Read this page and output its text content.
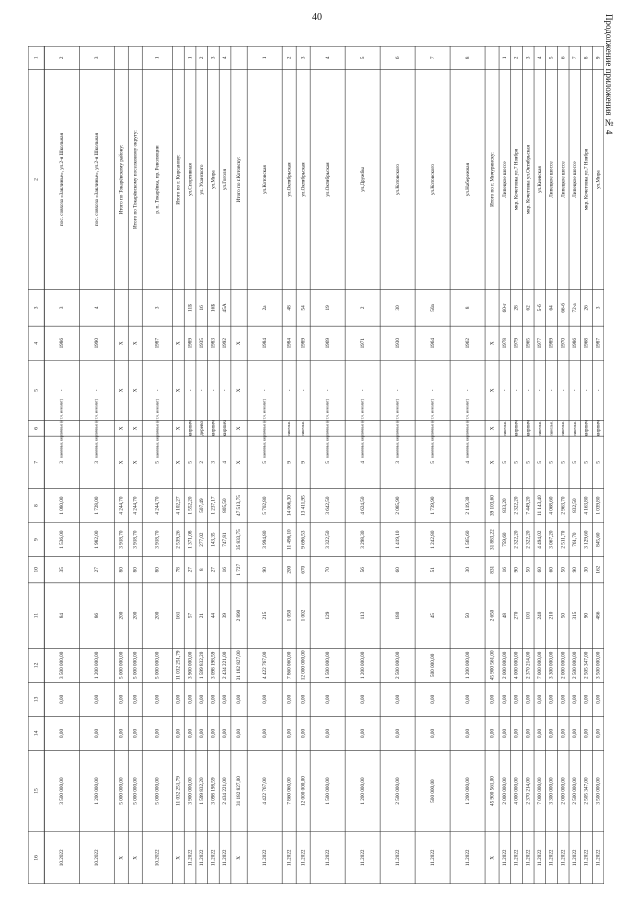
40	Продолжение приложения № 4
1
2
3
4
5
6
7
8
9
10
11
12
13
14
15
16
2
пос. совхоза «Заклинье», ул.2-я Школьная
3
1986
-
каменные, кирпичные (в т.ч. монолит)
3
1 080,00
1 536,00
35
84
3 500 000,00
0,00
0,00
3 500 000,00
10.2022
3
пос. совхоза «Заклинье», ул.2-я Школьная
4
1990
-
каменные, кирпичные (в т.ч. монолит)
3
1 728,00
1 982,00
27
86
1 200 000,00
0,00
0,00
1 200 000,00
10.2022
Итого по Токарёвскому району:
X
X
X
X
4 244,70
3 918,70
80
200
5 000 000,00
0,00
0,00
5 000 000,00
X
Итого по Токарёвскому поселковому округу:
X
X
X
X
4 244,70
3 918,70
80
200
5 000 000,00
0,00
0,00
5 000 000,00
X
1
р. п. Токарёвка, пр. Революции
3
1987
-
каменные, кирпичные (в т.ч. монолит)
5
4 244,70
3 918,70
80
200
5 000 000,00
0,00
0,00
5 000 000,00
10.2022
Итого по г. Кирсанову:
X
X
X
X
4 102,27
2 539,26
78
161
11 032 251,79
0,00
0,00
11 032 251,79
X
1
ул.Спортивная
11Б
1989
-
кирпич
5
1 552,20
1 371,08
27
57
3 900 000,00
0,00
0,00
3 900 000,00
11.2022
2
ул. Уханского
16
1935
-
дерево
2
507,49
277,02
8
21
1 599 832,20
0,00
0,00
1 599 832,20
11.2022
3
ул.Мира
16Б
1983
-
кирпич
3
1 237,17
143,35
27
44
3 098 198,59
0,00
0,00
3 098 198,59
11.2022
4
ул.Гоголя
45А
1992
-
кирпич
4
805,50
747,81
16
39
2 434 221,00
0,00
0,00
2 434 221,00
11.2022
Итого по г.Котовску:
X
X
X
X
47 513,75
35 833,75
1 727
2 890
31 182 827,00
0,00
0,00
31 182 827,00
X
1
ул.Котовская
2а
1984
-
каменные, кирпичные (в т.ч. монолит)
5
5 702,80
3 994,80
90
215
4 422 767,00
0,00
0,00
4 422 767,00
11.2022
2
ул.Октябрьская
48
1984
-
панельн.
9
14 066,30
11 496,10
200
1 050
7 860 060,00
0,00
0,00
7 860 060,00
11.2022
3
ул.Октябрьская
54
1989
-
панельн.
9
13 411,95
9 696,53
670
1 002
12 000 000,00
0,00
0,00
12 000 000,00
11.2022
4
ул.Октябрьская
19
1969
-
каменные, кирпичные (в т.ч. монолит)
5
3 642,50
3 322,50
70
129
1 500 000,00
0,00
0,00
1 500 000,00
11.2022
5
ул.Дружбы
2
1971
-
каменные, кирпичные (в т.ч. монолит)
4
4 624,50
3 298,30
56
113
1 200 000,00
0,00
0,00
1 200 000,00
11.2022
6
ул.Котовского
30
1930
-
каменные, кирпичные (в т.ч. монолит)
3
2 085,90
1 419,10
60
180
2 500 000,00
0,00
0,00
2 500 000,00
11.2022
7
ул.Котовского
50а
1964
-
каменные, кирпичные (в т.ч. монолит)
5
1 739,90
1 242,80
51
45
500 000,00
0,00
0,00
500 000,00
11.2022
8
ул.Набережная
8
1962
-
каменные, кирпичные (в т.ч. монолит)
4
2 119,30
1 565,60
30
50
1 200 000,00
0,00
0,00
1 200 000,00
11.2022
Итого по г. Мичуринску:
X
X
X
X
39 103,60
31 883,22
831
2 650
45 900 561,00
0,00
0,00
45 900 561,00
X
1
Липецкое шоссе
60-г
1978
-
панельн.
5
833,20
759,60
16
48
2 000 000,00
0,00
0,00
2 000 000,00
11.2022
2
мкр. Кочетовка ул.7 Ноября
28
1979
-
кирпич
5
2 322,20
2 322,20
90
270
4 000 000,00
0,00
0,00
4 000 000,00
11.2022
3
мкр. Кочетовка ул.Октябрьская
62
1965
-
кирпич
5
7 449,20
2 322,20
50
101
2 370 214,00
0,00
0,00
2 370 214,00
11.2022
4
ул.Киевская
5-б
1977
-
панельн.
5
11 143,40
4 494,02
60
240
7 000 000,00
0,00
0,00
7 000 000,00
11.2022
5
Липецкое шоссе
64
1989
-
панельн.
5
4 068,60
3 067,20
60
210
3 300 000,00
0,00
0,00
3 300 000,00
11.2022
6
Липецкое шоссе
66-б
1970
-
панельн.
5
2 963,70
2 511,70
50
50
2 000 000,00
0,00
0,00
2 000 000,00
11.2022
7
Липецкое шоссе
72-а
1986
-
панельн.
5
832,50
761,70
90
315
2 500 000,00
0,00
0,00
2 500 000,00
11.2022
8
мкр. Кочетовка ул.7 Ноября
26
1968
-
кирпич
5
4 163,80
3 129,60
30
90
2 505 347,00
0,00
0,00
2 505 347,00
11.2022
9
ул.Мира
3
1987
-
кирпич
5
1 039,80
845,60
162
486
3 500 000,00
0,00
0,00
3 500 000,00
11.2022
